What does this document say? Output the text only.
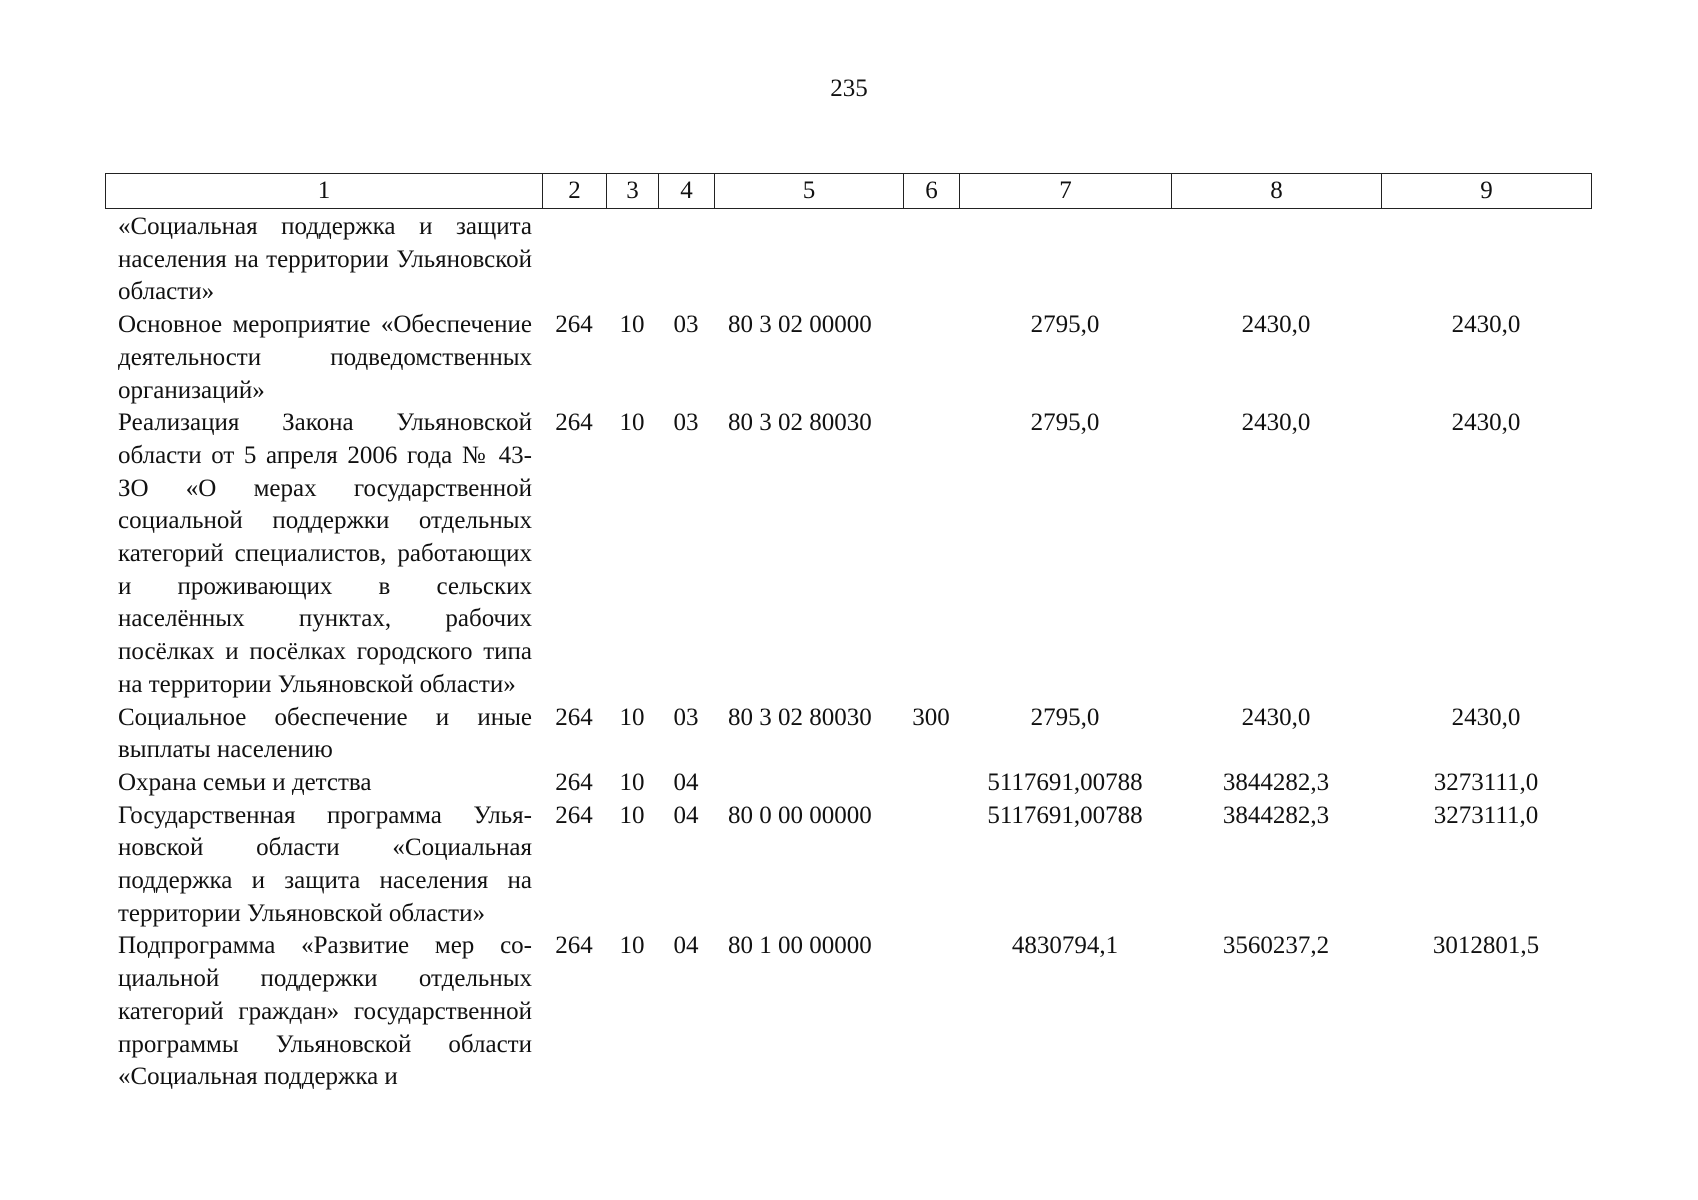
235
1	2	3	4	5	6	7	8	9
«Социальная поддержка и защита населения на территории Ульяновской области»								
Основное мероприятие «Обеспечение деятельности подведомственных организаций»	264	10	03	80 3 02 00000		2795,0	2430,0	2430,0
Реализация Закона Ульяновской области от 5 апреля 2006 года № 43-ЗО «О мерах государственной социальной поддержки отдельных категорий специалистов, работающих и проживающих в сельских населённых пунктах, рабочих посёлках и посёлках городского типа на территории Ульяновской области»	264	10	03	80 3 02 80030		2795,0	2430,0	2430,0
Социальное обеспечение и иные выплаты населению	264	10	03	80 3 02 80030	300	2795,0	2430,0	2430,0
Охрана семьи и детства	264	10	04			5117691,00788	3844282,3	3273111,0
Государственная программа Ульяновской области «Социальная поддержка и защита населения на территории Ульяновской области»	264	10	04	80 0 00 00000		5117691,00788	3844282,3	3273111,0
Подпрограмма «Развитие мер социальной поддержки отдельных категорий граждан» государственной программы Ульяновской области «Социальная поддержка и	264	10	04	80 1 00 00000		4830794,1	3560237,2	3012801,5
